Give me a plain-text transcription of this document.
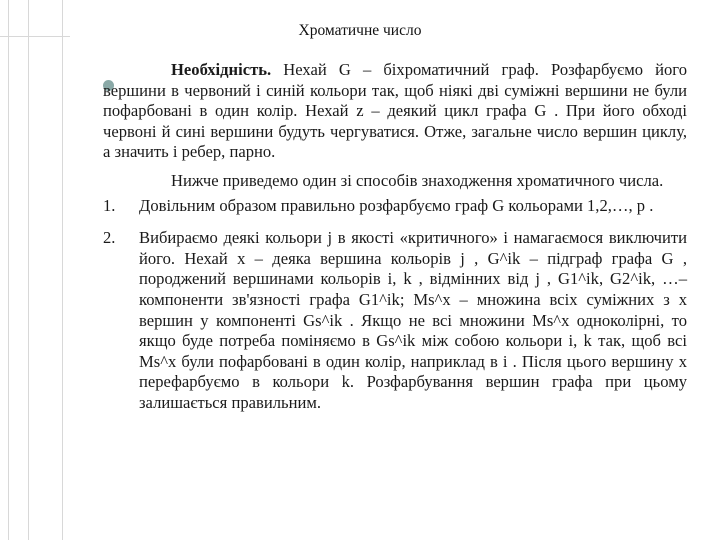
Хроматичне число

Необхідність. Нехай G – біхроматичний граф. Розфарбуємо його вершини в червоний і синій кольори так, щоб ніякі дві суміжні вершини не були пофарбовані в один колір. Нехай z – деякий цикл графа G . При його обході червоні й сині вершини будуть чергуватися. Отже, загальне число вершин циклу, а значить і ребер, парно.

Нижче приведемо один зі способів знаходження хроматичного числа.

1. Довільним образом правильно розфарбуємо граф G кольорами 1,2,…, p .
2. Вибираємо деякі кольори j в якості «критичного» і намагаємося виключити його. Нехай x – деяка вершина кольорів j , G^ik – підграф графа G , породжений вершинами кольорів i, k , відмінних від j , G1^ik, G2^ik, …– компоненти зв'язності графа G1^ik; Ms^x – множина всіх суміжних з x вершин у компоненті Gs^ik . Якщо не всі множини Ms^x одноколірні, то якщо буде потреба поміняємо в Gs^ik між собою кольори i, k так, щоб всі Ms^x були пофарбовані в один колір, наприклад в i . Після цього вершину x перефарбуємо в кольори k. Розфарбування вершин графа при цьому залишається правильним.
